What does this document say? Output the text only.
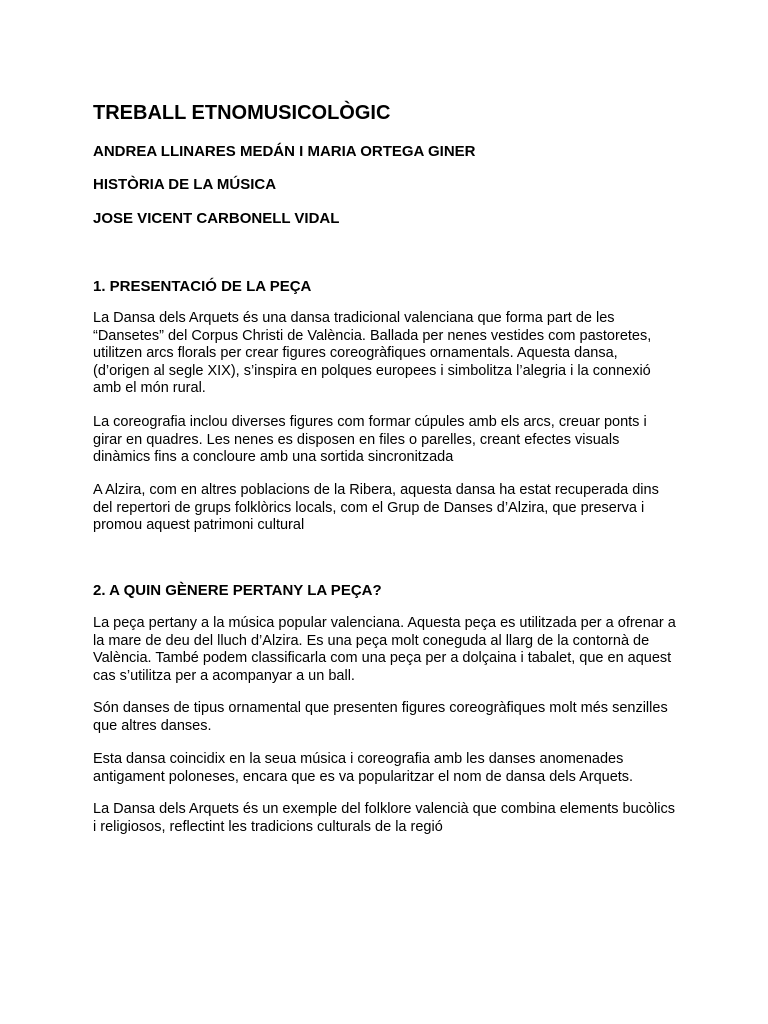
TREBALL ETNOMUSICOLÒGIC

ANDREA LLINARES MEDÁN I MARIA ORTEGA GINER

HISTÒRIA DE LA MÚSICA

JOSE VICENT CARBONELL VIDAL

1. PRESENTACIÓ DE LA PEÇA

La Dansa dels Arquets és una dansa tradicional valenciana que forma part de les “Dansetes” del Corpus Christi de València. Ballada per nenes vestides com pastoretes, utilitzen arcs florals per crear figures coreogràfiques ornamentals. Aquesta dansa, (d’origen al segle XIX), s’inspira en polques europees i simbolitza l’alegria i la connexió amb el món rural.

La coreografia inclou diverses figures com formar cúpules amb els arcs, creuar ponts i girar en quadres. Les nenes es disposen en files o parelles, creant efectes visuals dinàmics fins a concloure amb una sortida sincronitzada

A Alzira, com en altres poblacions de la Ribera, aquesta dansa ha estat recuperada dins del repertori de grups folklòrics locals, com el Grup de Danses d’Alzira, que preserva i promou aquest patrimoni cultural

2. A QUIN GÈNERE PERTANY LA PEÇA?

La peça pertany a la música popular valenciana. Aquesta peça es utilitzada per a ofrenar a la mare de deu del lluch d’Alzira. Es una peça molt coneguda al llarg de la contornà de València. També podem classificarla com una peça per a dolçaina i tabalet, que en aquest cas s’utilitza per a acompanyar a un ball.

Són danses de tipus ornamental que presenten figures coreogràfiques molt més senzilles que altres danses.

Esta dansa coincidix en la seua música i coreografia amb les danses anomenades antigament poloneses, encara que es va popularitzar el nom de dansa dels Arquets.

La Dansa dels Arquets és un exemple del folklore valencià que combina elements bucòlics i religiosos, reflectint les tradicions culturals de la regió
